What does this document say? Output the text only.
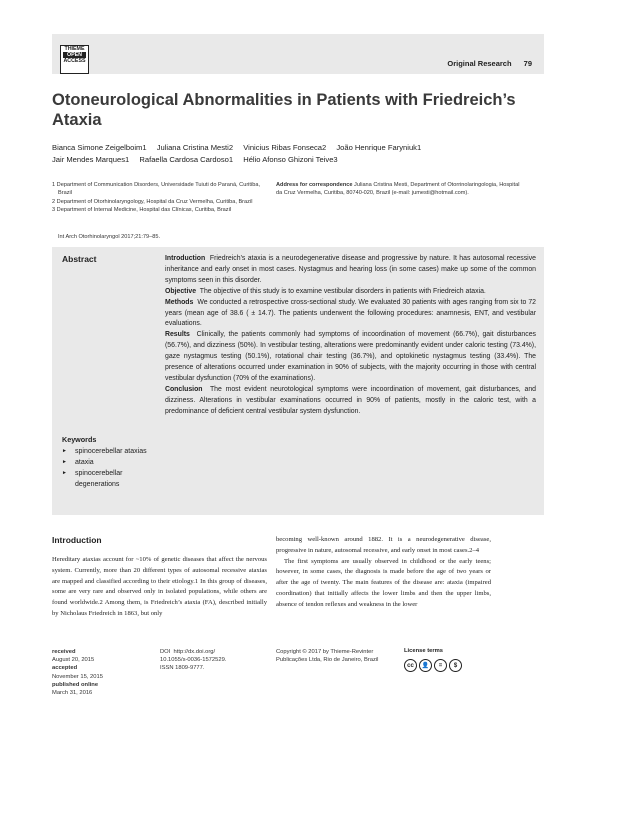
THIEME
OPEN
ACCESS	Original Research 79
Otoneurological Abnormalities in Patients with Friedreich’s Ataxia
Bianca Simone Zeigelboim1 Juliana Cristina Mesti2 Vinicius Ribas Fonseca2 João Henrique Faryniuk1
Jair Mendes Marques1 Rafaella Cardosa Cardoso1 Hélio Afonso Ghizoni Teive3
1 Department of Communication Disorders, Universidade Tuiuti do Paraná, Curitiba, Brazil
2 Department of Otorhinolaryngology, Hospital da Cruz Vermelha, Curitiba, Brazil
3 Department of Internal Medicine, Hospital das Clínicas, Curitiba, Brazil
Address for correspondence Juliana Cristina Mesti, Department of Otorrinolaringologia, Hospital da Cruz Vermelha, Curitiba, 80740-020, Brazil (e-mail: jumesti@hotmail.com).
Int Arch Otorhinolaryngol 2017;21:79–85.
Abstract	Introduction Friedreich’s ataxia is a neurodegenerative disease and progressive by nature. It has autosomal recessive inheritance and early onset in most cases. Nystagmus and hearing loss (in some cases) make up some of the common symptoms seen in this disorder.

Objective The objective of this study is to examine vestibular disorders in patients with Friedreich ataxia.

Methods We conducted a retrospective cross-sectional study. We evaluated 30 patients with ages ranging from six to 72 years (mean age of 38.6 ( ± 14.7). The patients underwent the following procedures: anamnesis, ENT, and vestibular evaluations.

Results Clinically, the patients commonly had symptoms of incoordination of movement (66.7%), gait disturbances (56.7%), and dizziness (50%). In vestibular testing, alterations were predominantly evident under caloric testing (73.4%), gaze nystagmus testing (50.1%), rotational chair testing (36.7%), and optokinetic nystagmus testing (33.4%). The presence of alterations occurred under examination in 90% of subjects, with the majority occurring in those with central vestibular dysfunction (70% of the examinations).

Conclusion The most evident neurotological symptoms were incoordination of movement, gait disturbances, and dizziness. Alterations in vestibular examinations occurred in 90% of patients, mostly in the caloric test, with a predominance of deficient central vestibular system dysfunction.

Keywords
► spinocerebellar ataxias
► ataxia
► spinocerebellar degenerations
Introduction
Hereditary ataxias account for ~10% of genetic diseases that affect the nervous system. Currently, more than 20 different types of autosomal recessive ataxias are mapped and classified according to their etiology.1 In this group of diseases, some are very rare and observed only in isolated populations, while others are found worldwide.2 Among them, is Friedreich’s ataxia (FA), described initially by Nicholaus Friedreich in 1863, but only

becoming well-known around 1882. It is a neurodegenerative disease, progressive in nature, autosomal recessive, and early onset in most cases.2–4

The first symptoms are usually observed in childhood or the early teens; however, in some cases, the diagnosis is made before the age of two years or after the age of twenty. The main features of the disease are: ataxia (impaired coordination) that initially affects the lower limbs and then the upper limbs, absence of tendon reflexes and weakness in the lower

received
August 20, 2015
accepted
November 15, 2015
published online
March 31, 2016
DOI http://dx.doi.org/
10.1055/s-0036-1572529.
ISSN 1809-9777.
Copyright © 2017 by Thieme-Revinter Publicações Ltda, Rio de Janeiro, Brazil
License terms
cc	👤	=	$
